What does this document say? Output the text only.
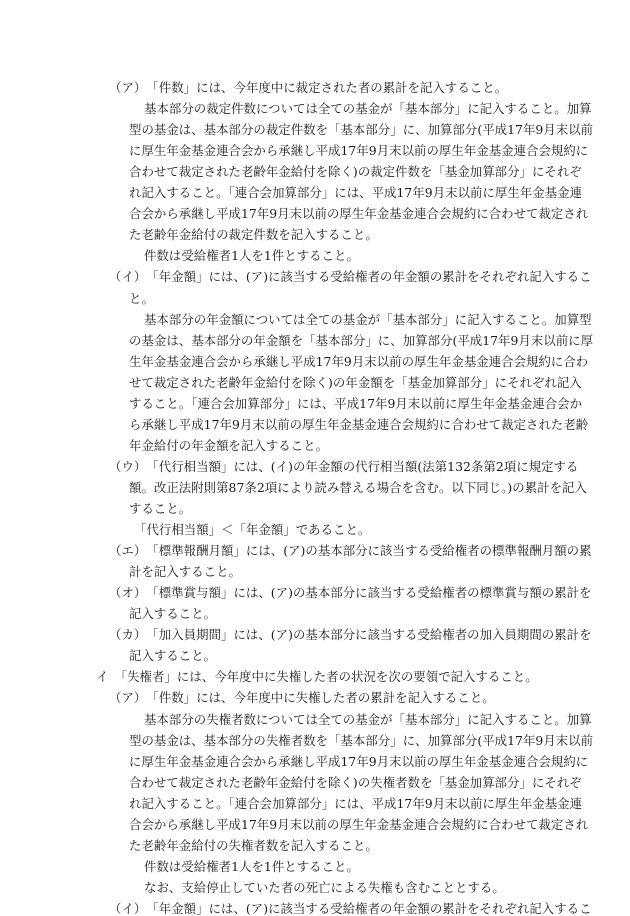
（ア）　「件数」には、今年度中に裁定された者の累計を記入すること。
基本部分の裁定件数については全ての基金が「基本部分」に記入すること。加算
型の基金は、基本部分の裁定件数を「基本部分」に、加算部分(平成17年9月末以前
に厚生年金基金連合会から承継し平成17年9月末以前の厚生年金基金連合会規約に
合わせて裁定された老齢年金給付を除く)の裁定件数を「基金加算部分」にそれぞ
れ記入すること。「連合会加算部分」には、平成17年9月末以前に厚生年金基金連
合会から承継し平成17年9月末以前の厚生年金基金連合会規約に合わせて裁定され
た老齢年金給付の裁定件数を記入すること。
件数は受給権者1人を1件とすること。
（イ）　「年金額」には、(ア)に該当する受給権者の年金額の累計をそれぞれ記入するこ
と。
基本部分の年金額については全ての基金が「基本部分」に記入すること。加算型
の基金は、基本部分の年金額を「基本部分」に、加算部分(平成17年9月末以前に厚
生年金基金連合会から承継し平成17年9月末以前の厚生年金基金連合会規約に合わ
せて裁定された老齢年金給付を除く)の年金額を「基金加算部分」にそれぞれ記入
すること。「連合会加算部分」には、平成17年9月末以前に厚生年金基金連合会か
ら承継し平成17年9月末以前の厚生年金基金連合会規約に合わせて裁定された老齢
年金給付の年金額を記入すること。
（ウ）　「代行相当額」には、(イ)の年金額の代行相当額(法第132条第2項に規定する
額。改正法附則第87条2項により読み替える場合を含む。以下同じ。)の累計を記入
すること。
「代行相当額」＜「年金額」であること。
（エ）　「標準報酬月額」には、(ア)の基本部分に該当する受給権者の標準報酬月額の累
計を記入すること。
（オ）　「標準賞与額」には、(ア)の基本部分に該当する受給権者の標準賞与額の累計を
記入すること。
（カ）　「加入員期間」には、(ア)の基本部分に該当する受給権者の加入員期間の累計を
記入すること。
イ　「失権者」には、今年度中に失権した者の状況を次の要領で記入すること。
（ア）　「件数」には、今年度中に失権した者の累計を記入すること。
基本部分の失権者数については全ての基金が「基本部分」に記入すること。加算
型の基金は、基本部分の失権者数を「基本部分」に、加算部分(平成17年9月末以前
に厚生年金基金連合会から承継し平成17年9月末以前の厚生年金基金連合会規約に
合わせて裁定された老齢年金給付を除く)の失権者数を「基金加算部分」にそれぞ
れ記入すること。「連合会加算部分」には、平成17年9月末以前に厚生年金基金連
合会から承継し平成17年9月末以前の厚生年金基金連合会規約に合わせて裁定され
た老齢年金給付の失権者数を記入すること。
件数は受給権者1人を1件とすること。
なお、支給停止していた者の死亡による失権も含むこととする。
（イ）　「年金額」には、(ア)に該当する受給権者の年金額の累計をそれぞれ記入するこ
